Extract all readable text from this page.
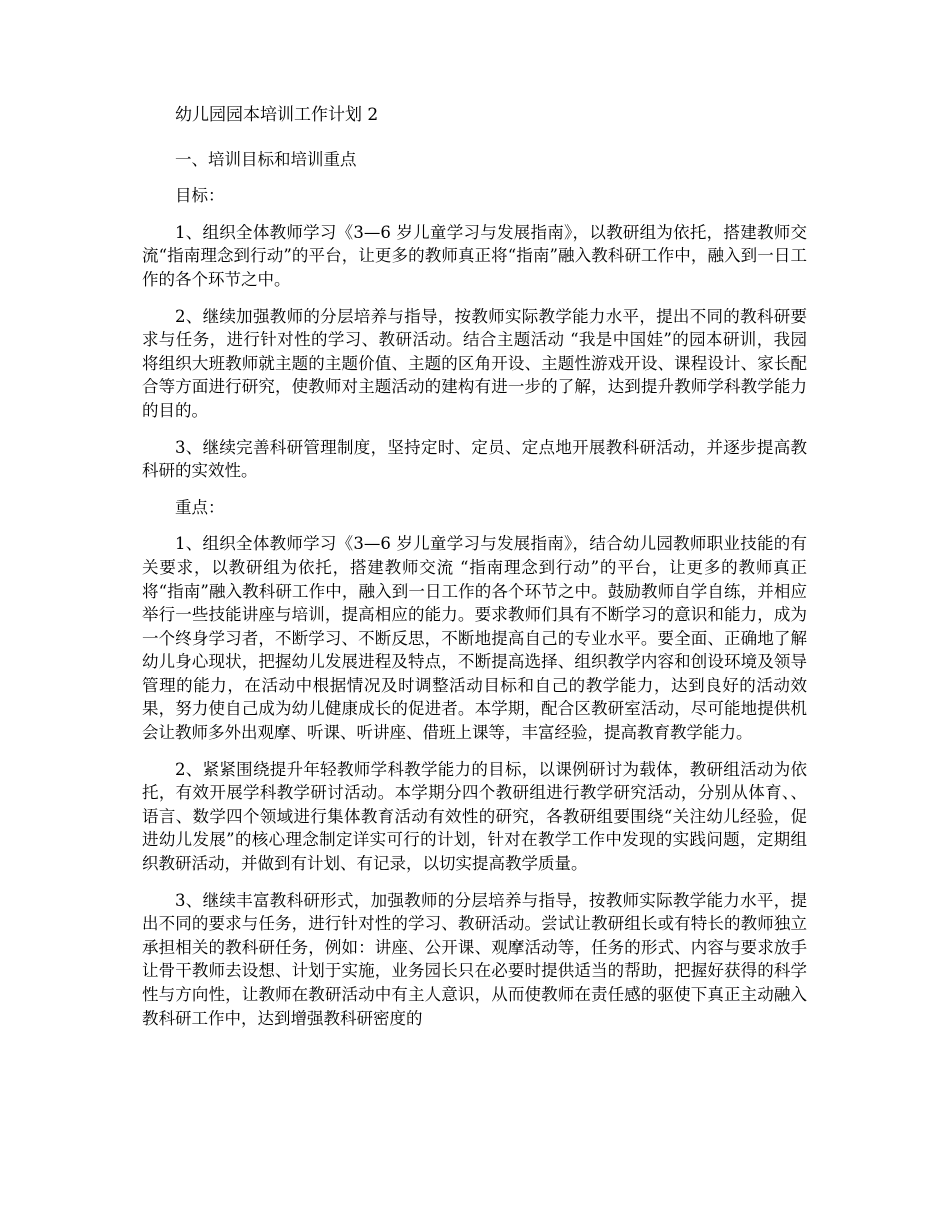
幼儿园园本培训工作计划 2
一、培训目标和培训重点
目标：
1、组织全体教师学习《3—6 岁儿童学习与发展指南》，以教研组为依托，搭建教师交流“指南理念到行动”的平台，让更多的教师真正将“指南”融入教科研工作中，融入到一日工作的各个环节之中。
2、继续加强教师的分层培养与指导，按教师实际教学能力水平，提出不同的教科研要求与任务，进行针对性的学习、教研活动。结合主题活动 “我是中国娃”的园本研训，我园将组织大班教师就主题的主题价值、主题的区角开设、主题性游戏开设、课程设计、家长配合等方面进行研究，使教师对主题活动的建构有进一步的了解，达到提升教师学科教学能力的目的。
3、继续完善科研管理制度，坚持定时、定员、定点地开展教科研活动，并逐步提高教科研的实效性。
重点：
1、组织全体教师学习《3—6 岁儿童学习与发展指南》，结合幼儿园教师职业技能的有关要求，以教研组为依托，搭建教师交流 “指南理念到行动”的平台，让更多的教师真正将“指南”融入教科研工作中，融入到一日工作的各个环节之中。鼓励教师自学自练，并相应举行一些技能讲座与培训，提高相应的能力。要求教师们具有不断学习的意识和能力，成为一个终身学习者，不断学习、不断反思，不断地提高自己的专业水平。要全面、正确地了解幼儿身心现状，把握幼儿发展进程及特点，不断提高选择、组织教学内容和创设环境及领导管理的能力，在活动中根据情况及时调整活动目标和自己的教学能力，达到良好的活动效果，努力使自己成为幼儿健康成长的促进者。本学期，配合区教研室活动，尽可能地提供机会让教师多外出观摩、听课、听讲座、借班上课等，丰富经验，提高教育教学能力。
2、紧紧围绕提升年轻教师学科教学能力的目标，以课例研讨为载体，教研组活动为依托，有效开展学科教学研讨活动。本学期分四个教研组进行教学研究活动，分别从体育、、语言、数学四个领域进行集体教育活动有效性的研究，各教研组要围绕“关注幼儿经验，促进幼儿发展”的核心理念制定详实可行的计划，针对在教学工作中发现的实践问题，定期组织教研活动，并做到有计划、有记录，以切实提高教学质量。
3、继续丰富教科研形式，加强教师的分层培养与指导，按教师实际教学能力水平，提出不同的要求与任务，进行针对性的学习、教研活动。尝试让教研组长或有特长的教师独立承担相关的教科研任务，例如：讲座、公开课、观摩活动等，任务的形式、内容与要求放手让骨干教师去设想、计划于实施，业务园长只在必要时提供适当的帮助，把握好获得的科学性与方向性，让教师在教研活动中有主人意识，从而使教师在责任感的驱使下真正主动融入教科研工作中，达到增强教科研密度的
